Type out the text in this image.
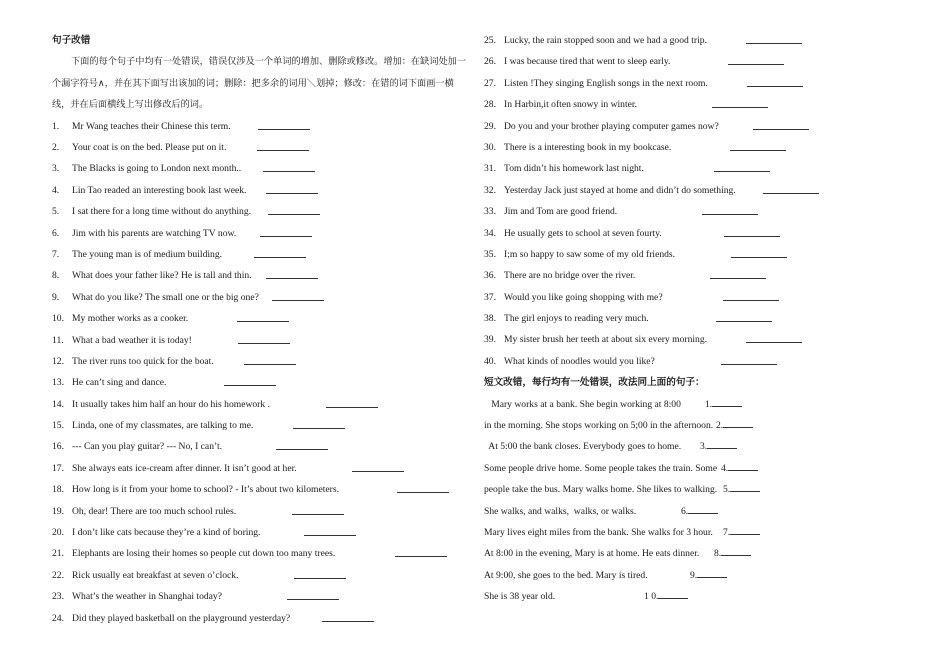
句子改错
下面的每个句子中均有一处错误，错误仅涉及一个单词的增加、删除或修改。增加：在缺词处加一个漏字符号∧，并在其下面写出该加的词；删除：把多余的词用＼划掉；修改：在错的词下面画一横线，并在后面横线上写出修改后的词。
1. Mr Wang teaches their Chinese this term.
2. Your coat is on the bed. Please put on it.
3. The Blacks is going to London next month..
4. Lin Tao readed an interesting book last week.
5. I sat there for a long time without do anything.
6. Jim with his parents are watching TV now.
7. The young man is of medium building.
8. What does your father like? He is tall and thin.
9. What do you like? The small one or the big one?
10. My mother works as a cooker.
11. What a bad weather it is today!
12. The river runs too quick for the boat.
13. He can’t sing and dance.
14. It usually takes him half an hour do his homework .
15. Linda, one of my classmates, are talking to me.
16. --- Can you play guitar? --- No, I can’t.
17. She always eats ice-cream after dinner. It isn’t good at her.
18. How long is it from your home to school? - It’s about two kilometers.
19. Oh, dear! There are too much school rules.
20. I don’t like cats because they’re a kind of boring.
21. Elephants are losing their homes so people cut down too many trees.
22. Rick usually eat breakfast at seven o’clock.
23. What’s the weather in Shanghai today?
24. Did they played basketball on the playground yesterday?
25. Lucky, the rain stopped soon and we had a good trip.
26. I was because tired that went to sleep early.
27. Listen !They singing English songs in the next room.
28. In Harbin,it often snowy in winter.
29. Do you and your brother playing computer games now?
30. There is a interesting book in my bookcase.
31. Tom didn’t his homework last night.
32. Yesterday Jack just stayed at home and didn’t do something.
33. Jim and Tom are good friend.
34. He usually gets to school at seven fourty.
35. I;m so happy to saw some of my old friends.
36. There are no bridge over the river.
37. Would you like going shopping with me?
38. The girl enjoys to reading very much.
39. My sister brush her teeth at about six every morning.
40. What kinds of noodles would you like?
短文改错，每行均有一处错误，改法同上面的句子：
Mary works at a bank. She begin working at 8:00	1.
in the morning. She stops working on 5;00 in the afternoon. 2.
At 5:00 the bank closes. Everybody goes to home. 3.
Some people drive home. Some people takes the train. Some 4.
people take the bus. Mary walks home. She likes to walking. 5.
She walks, and walks,  walks, or walks.	6.
Mary lives eight miles from the bank. She walks for 3 hour. 7.
At 8:00 in the evening, Mary is at home. He eats dinner. 8.
At 9:00, she goes to the bed. Mary is tired.	9.
She is 38 year old.	1 0.
